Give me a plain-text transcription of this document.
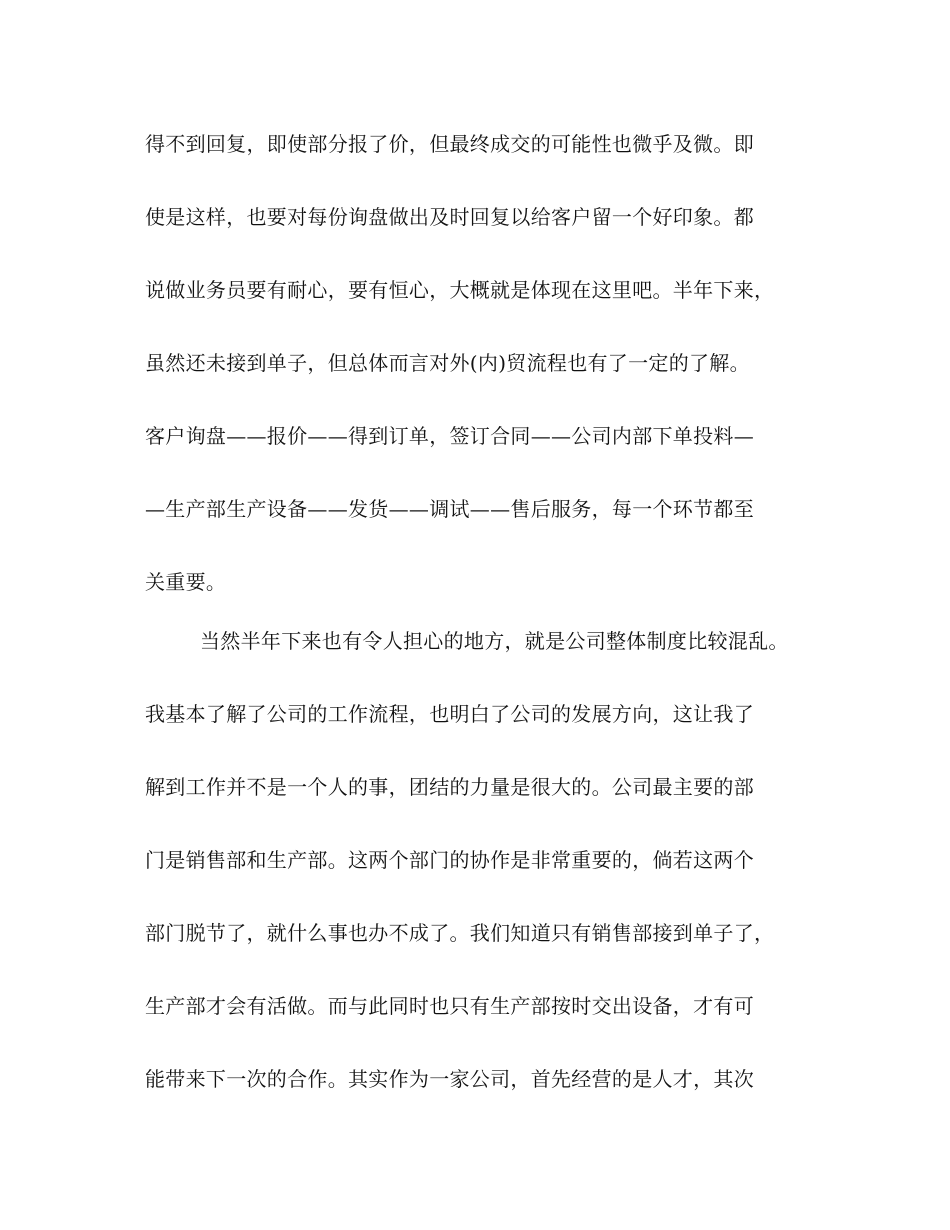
得不到回复，即使部分报了价，但最终成交的可能性也微乎及微。即
使是这样，也要对每份询盘做出及时回复以给客户留一个好印象。都
说做业务员要有耐心，要有恒心，大概就是体现在这里吧。半年下来，
虽然还未接到单子，但总体而言对外(内)贸流程也有了一定的了解。
客户询盘——报价——得到订单，签订合同——公司内部下单投料—
—生产部生产设备——发货——调试——售后服务，每一个环节都至
关重要。
当然半年下来也有令人担心的地方，就是公司整体制度比较混乱。
我基本了解了公司的工作流程，也明白了公司的发展方向，这让我了
解到工作并不是一个人的事，团结的力量是很大的。公司最主要的部
门是销售部和生产部。这两个部门的协作是非常重要的，倘若这两个
部门脱节了，就什么事也办不成了。我们知道只有销售部接到单子了，
生产部才会有活做。而与此同时也只有生产部按时交出设备，才有可
能带来下一次的合作。其实作为一家公司，首先经营的是人才，其次
